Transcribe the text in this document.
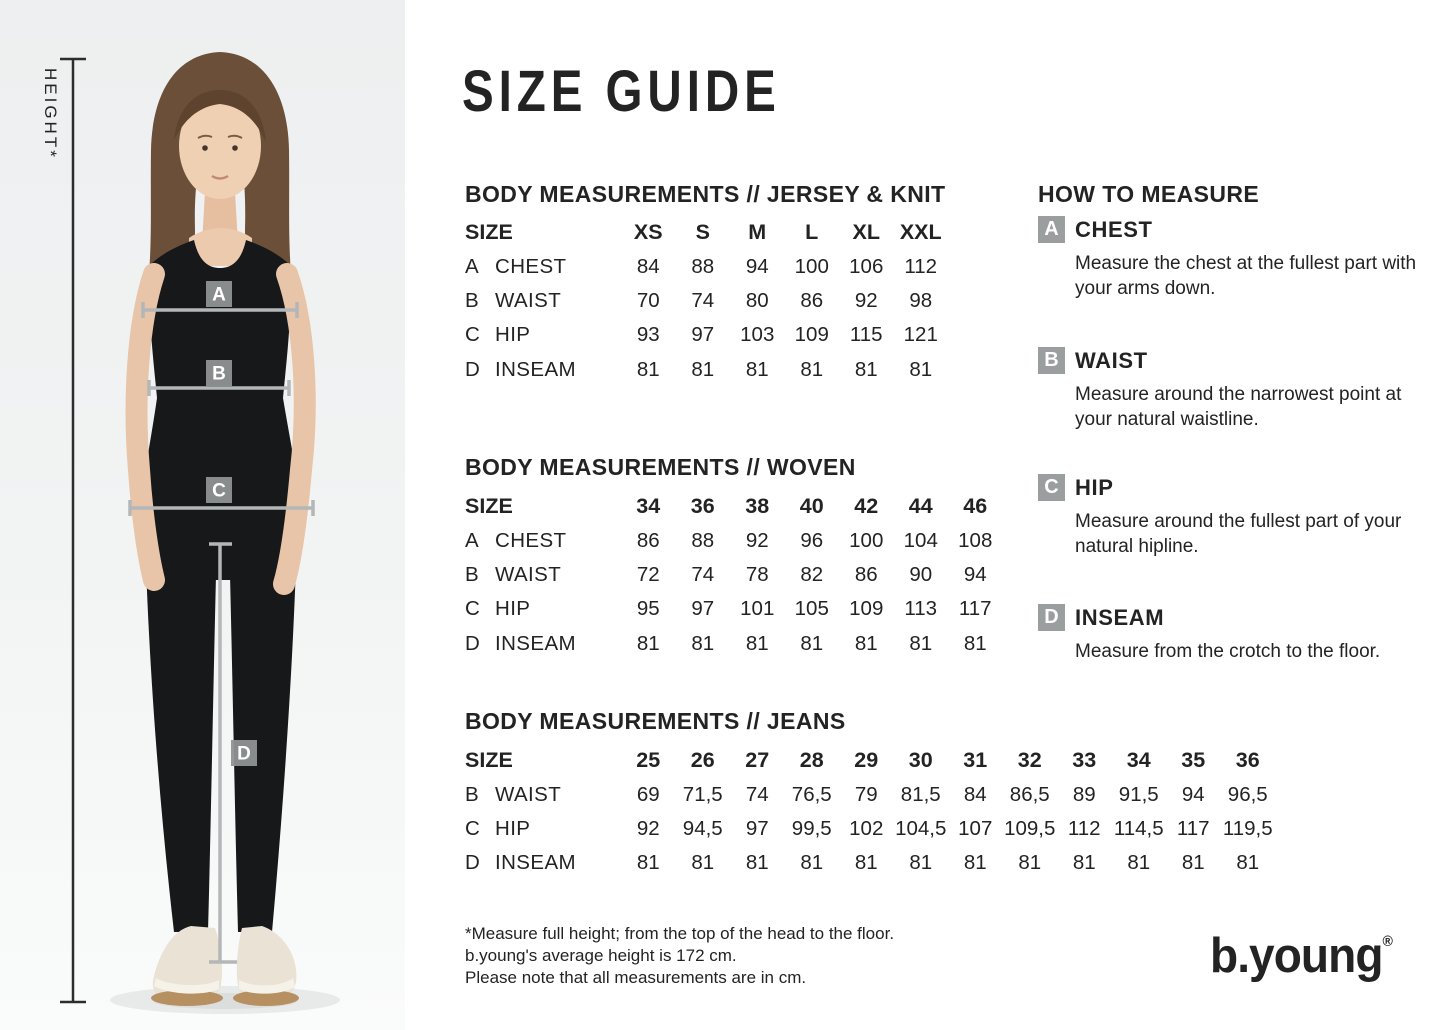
A
B
C
D
HEIGHT*	SIZE GUIDE
BODY MEASUREMENTS // JERSEY & KNIT
SIZE	XS	S	M	L	XL XXL
A CHEST	84	88	94	100 106	112
B WAIST	70	74	80	86	92	98
C HIP	93	97	103 109	115	121
D INSEAM	81	81	81	81	81	81
BODY MEASUREMENTS // WOVEN
SIZE	34	36	38	40	42	44	46
A CHEST	86	88	92	96	100 104 108
B WAIST	72	74	78	82	86	90	94
C HIP	95	97	101 105 109	113	117
D INSEAM	81	81	81	81	81	81	81
BODY MEASUREMENTS // JEANS
SIZE	25	26	27	28	29	30	31	32	33	34	35	36
B WAIST	69	71,5	74	76,5	79	81,5	84	86,5	89	91,5	94	96,5
C HIP	92	94,5	97	99,5 102 104,5 107 109,5 112 114,5 117 119,5
D INSEAM	81	81	81	81	81	81	81	81	81	81	81	81
HOW TO MEASURE
A CHEST
Measure the chest at the fullest part with your arms down.
B WAIST
Measure around the narrowest point at your natural waistline.
C HIP
Measure around the fullest part of your natural hipline.
D INSEAM
Measure from the crotch to the floor.
*Measure full height; from the top of the head to the floor.
b.young's average height is 172 cm.
Please note that all measurements are in cm.	b.young®
